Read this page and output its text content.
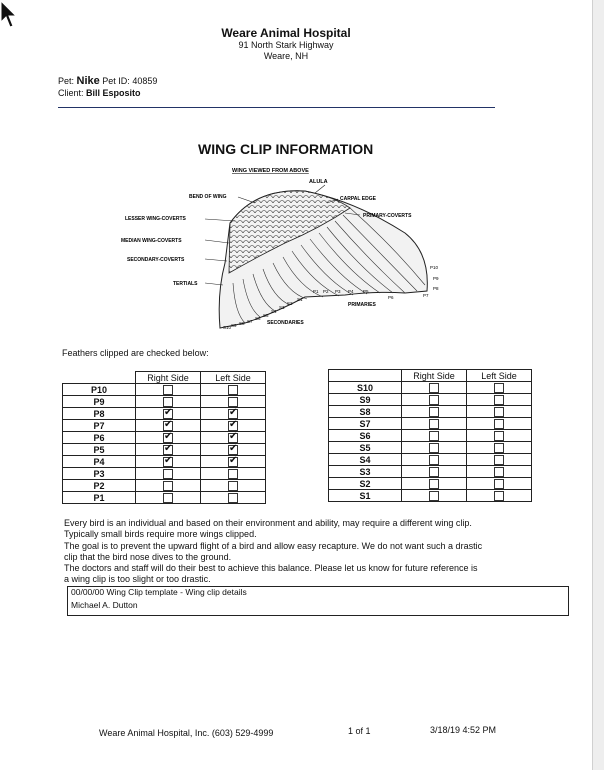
Weare Animal Hospital
91 North Stark Highway
Weare, NH
Pet: Nike Pet ID: 40859
Client: Bill Esposito
WING CLIP INFORMATION
WING VIEWED FROM ABOVE
ALULA
BEND OF WING	CARPAL EDGE
PRIMARY-COVERTS
LESSER WING-COVERTS
MEDIAN WING-COVERTS
SECONDARY-COVERTS
TERTIALS
PRIMARIES
SECONDARIES
P1 P2 P3 P4 P5
P6	P7
P8
P9
P10
S10 S9 S8 S7
S6
S5
S4
S3
S2
S1
Feathers clipped are checked below:
	Right Side	Left Side
P10		
P9		
P8	✔	✔
P7	✔	✔
P6	✔	✔
P5	✔	✔
P4	✔	✔
P3		
P2		
P1		
	Right Side	Left Side
S10		
S9		
S8		
S7		
S6		
S5		
S4		
S3		
S2		
S1		
Every bird is an individual and based on their environment and ability, may require a different wing clip.
Typically small birds require more wings clipped.
The goal is to prevent the upward flight of a bird and allow easy recapture. We do not want such a drastic
clip that the bird nose dives to the ground.
The doctors and staff will do their best to achieve this balance. Please let us know for future reference is
a wing clip is too slight or too drastic.
00/00/00 Wing Clip template - Wing clip details
Michael A. Dutton
Weare Animal Hospital, Inc. (603) 529-4999	1 of 1	3/18/19 4:52 PM
